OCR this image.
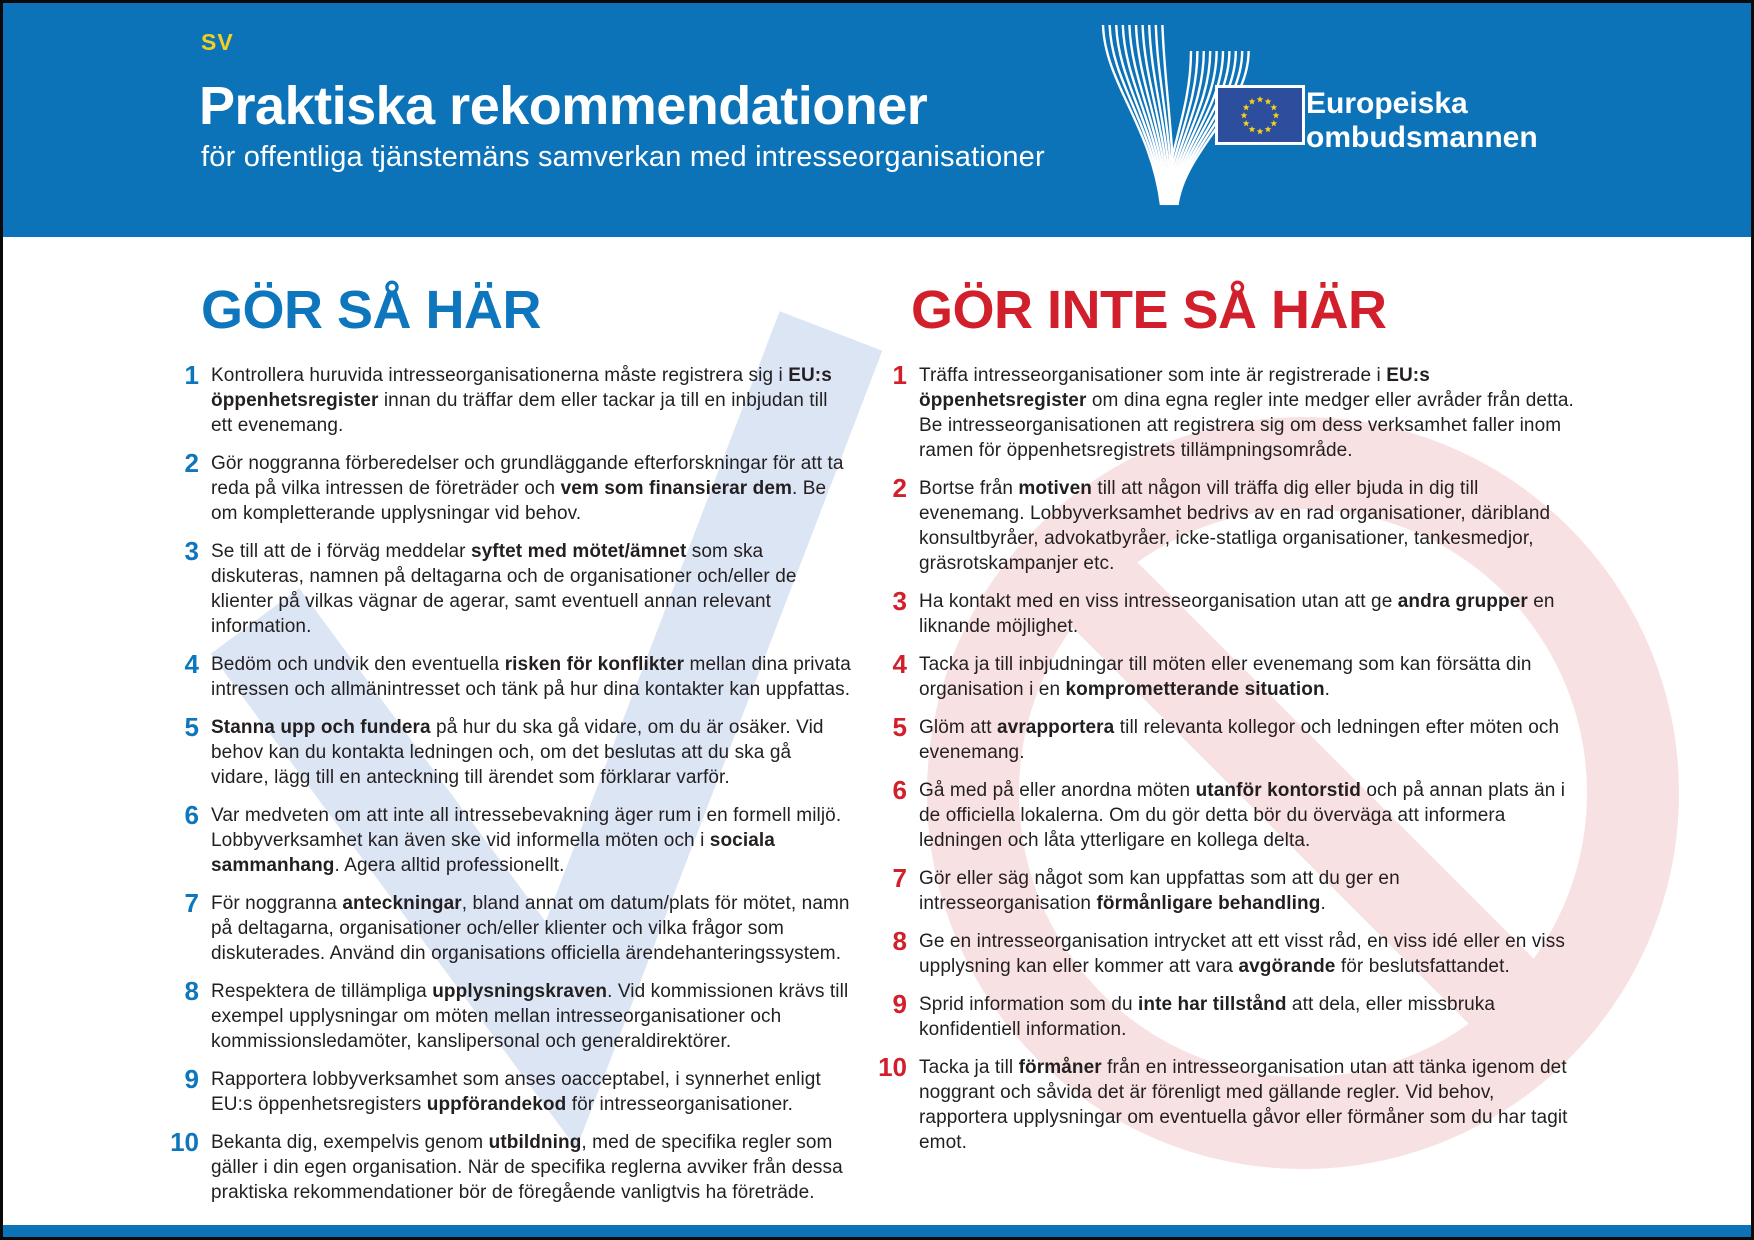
SV
Praktiska rekommendationer
för offentliga tjänstemäns samverkan med intresseorganisationer
Europeiska
ombudsmannen
GÖR SÅ HÄR
1 Kontrollera huruvida intresseorganisationerna måste registrera sig i EU:s öppenhetsregister innan du träffar dem eller tackar ja till en inbjudan till ett evenemang.

2 Gör noggranna förberedelser och grundläggande efterforskningar för att ta reda på vilka intressen de företräder och vem som finansierar dem. Be om kompletterande upplysningar vid behov.

3 Se till att de i förväg meddelar syftet med mötet/ämnet som ska diskuteras, namnen på deltagarna och de organisationer och/eller de klienter på vilkas vägnar de agerar, samt eventuell annan relevant information.

4 Bedöm och undvik den eventuella risken för konflikter mellan dina privata intressen och allmänintresset och tänk på hur dina kontakter kan uppfattas.

5 Stanna upp och fundera på hur du ska gå vidare, om du är osäker. Vid behov kan du kontakta ledningen och, om det beslutas att du ska gå vidare, lägg till en anteckning till ärendet som förklarar varför.

6 Var medveten om att inte all intressebevakning äger rum i en formell miljö. Lobbyverksamhet kan även ske vid informella möten och i sociala sammanhang. Agera alltid professionellt.

7 För noggranna anteckningar, bland annat om datum/plats för mötet, namn på deltagarna, organisationer och/eller klienter och vilka frågor som diskuterades. Använd din organisations officiella ärendehanteringssystem.

8 Respektera de tillämpliga upplysningskraven. Vid kommissionen krävs till exempel upplysningar om möten mellan intresseorganisationer och kommissionsledamöter, kanslipersonal och generaldirektörer.

9 Rapportera lobbyverksamhet som anses oacceptabel, i synnerhet enligt EU:s öppenhetsregisters uppförandekod för intresseorganisationer.

10 Bekanta dig, exempelvis genom utbildning, med de specifika regler som gäller i din egen organisation. När de specifika reglerna avviker från dessa praktiska rekommendationer bör de föregående vanligtvis ha företräde.

GÖR INTE SÅ HÄR
1 Träffa intresseorganisationer som inte är registrerade i EU:s öppenhetsregister om dina egna regler inte medger eller avråder från detta. Be intresseorganisationen att registrera sig om dess verksamhet faller inom ramen för öppenhetsregistrets tillämpningsområde.

2 Bortse från motiven till att någon vill träffa dig eller bjuda in dig till evenemang. Lobbyverksamhet bedrivs av en rad organisationer, däribland konsultbyråer, advokatbyråer, icke-statliga organisationer, tankesmedjor, gräsrotskampanjer etc.

3 Ha kontakt med en viss intresseorganisation utan att ge andra grupper en liknande möjlighet.

4 Tacka ja till inbjudningar till möten eller evenemang som kan försätta din organisation i en komprometterande situation.

5 Glöm att avrapportera till relevanta kollegor och ledningen efter möten och evenemang.

6 Gå med på eller anordna möten utanför kontorstid och på annan plats än i de officiella lokalerna. Om du gör detta bör du överväga att informera ledningen och låta ytterligare en kollega delta.

7 Gör eller säg något som kan uppfattas som att du ger en intresseorganisation förmånligare behandling.

8 Ge en intresseorganisation intrycket att ett visst råd, en viss idé eller en viss upplysning kan eller kommer att vara avgörande för beslutsfattandet.

9 Sprid information som du inte har tillstånd att dela, eller missbruka konfidentiell information.

10 Tacka ja till förmåner från en intresseorganisation utan att tänka igenom det noggrant och såvida det är förenligt med gällande regler. Vid behov, rapportera upplysningar om eventuella gåvor eller förmåner som du har tagit emot.
